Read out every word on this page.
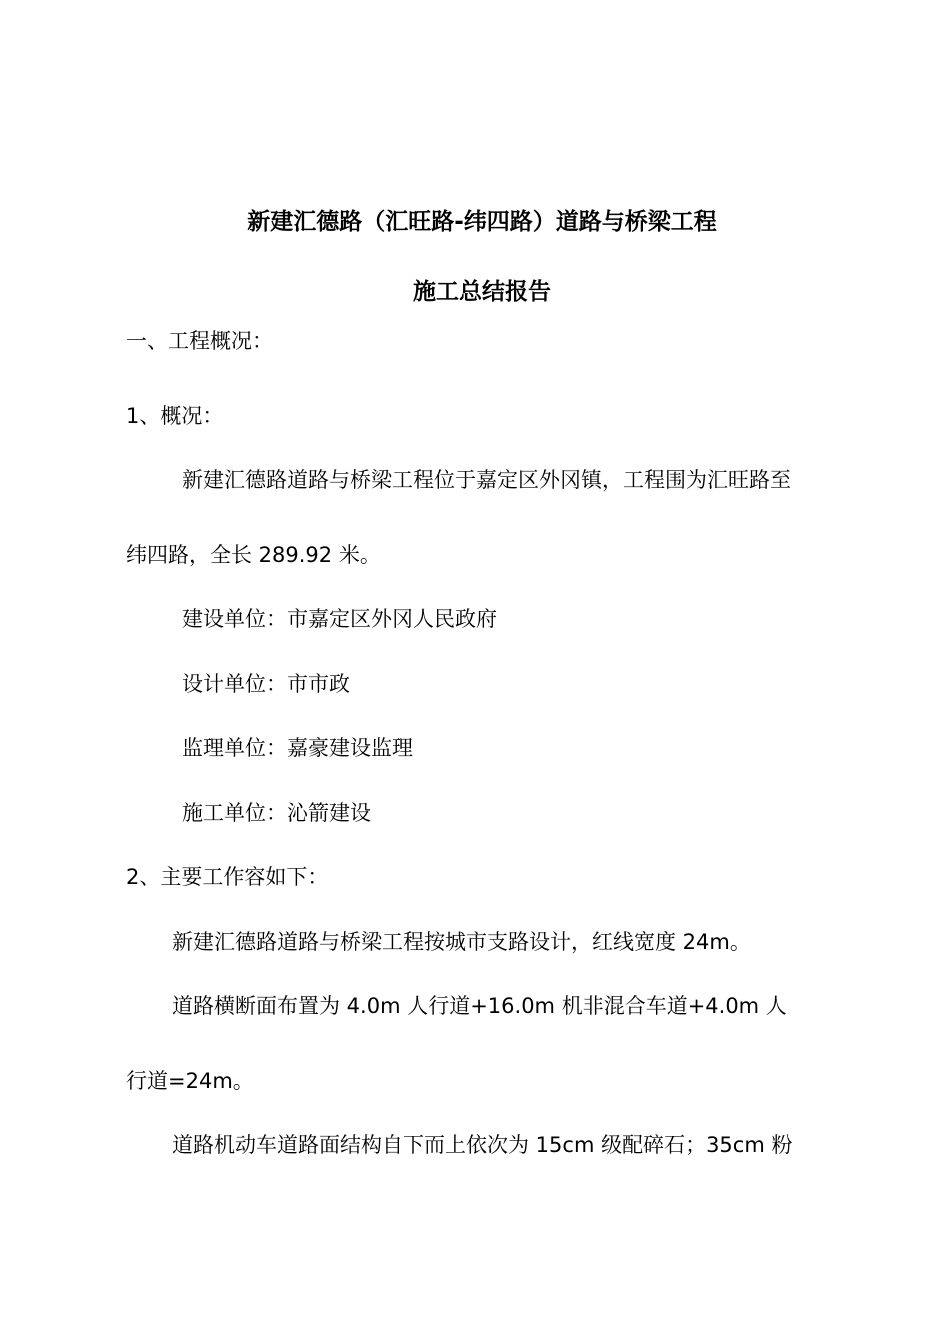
新建汇德路（汇旺路-纬四路）道路与桥梁工程
施工总结报告
一、工程概况：
1、概况：
新建汇德路道路与桥梁工程位于嘉定区外冈镇，工程围为汇旺路至
纬四路，全长 289.92 米。
建设单位：市嘉定区外冈人民政府
设计单位：市市政
监理单位：嘉豪建设监理
施工单位：沁箭建设
2、主要工作容如下：
新建汇德路道路与桥梁工程按城市支路设计，红线宽度 24m。
道路横断面布置为 4.0m 人行道+16.0m 机非混合车道+4.0m 人
行道=24m。
道路机动车道路面结构自下而上依次为 15cm 级配碎石；35cm 粉
